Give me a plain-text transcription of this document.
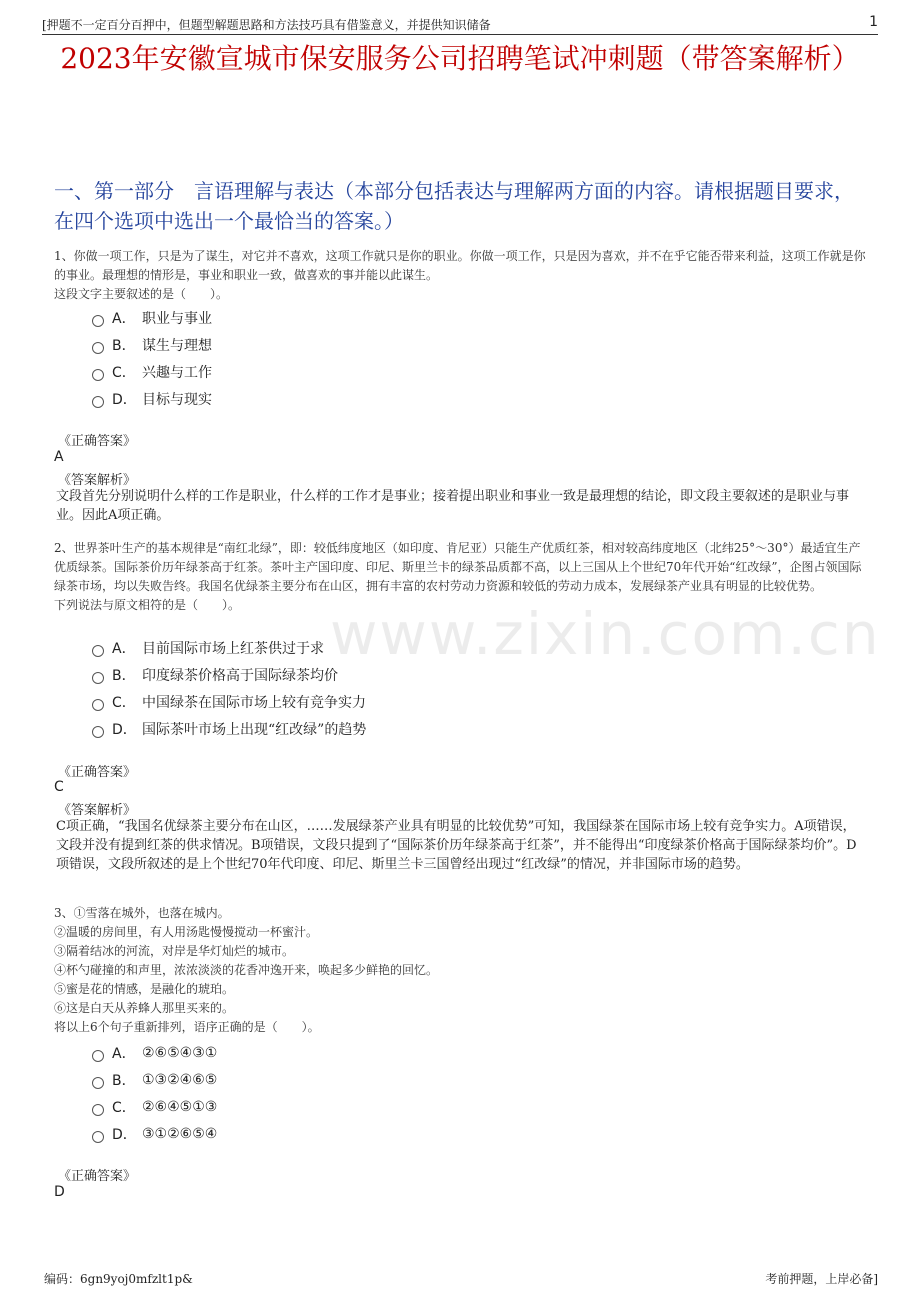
[押题不一定百分百押中，但题型解题思路和方法技巧具有借鉴意义，并提供知识储备	1
2023年安徽宣城市保安服务公司招聘笔试冲刺题（带答案解析）
一、第一部分　言语理解与表达（本部分包括表达与理解两方面的内容。请根据题目要求，在四个选项中选出一个最恰当的答案。）
www.zixin.com.cn

1、你做一项工作，只是为了谋生，对它并不喜欢，这项工作就只是你的职业。你做一项工作，只是因为喜欢，并不在乎它能否带来利益，这项工作就是你的事业。最理想的情形是，事业和职业一致，做喜欢的事并能以此谋生。

这段文字主要叙述的是（　　）。

A． 职业与事业
B． 谋生与理想
C． 兴趣与工作
D． 目标与现实
《正确答案》
A
《答案解析》
文段首先分别说明什么样的工作是职业，什么样的工作才是事业；接着提出职业和事业一致是最理想的结论，即文段主要叙述的是职业与事业。因此A项正确。

2、世界茶叶生产的基本规律是“南红北绿”，即：较低纬度地区（如印度、肯尼亚）只能生产优质红茶，相对较高纬度地区（北纬25°～30°）最适宜生产优质绿茶。国际茶价历年绿茶高于红茶。茶叶主产国印度、印尼、斯里兰卡的绿茶品质都不高，以上三国从上个世纪70年代开始“红改绿”，企图占领国际绿茶市场，均以失败告终。我国名优绿茶主要分布在山区，拥有丰富的农村劳动力资源和较低的劳动力成本，发展绿茶产业具有明显的比较优势。

下列说法与原文相符的是（　　）。

A． 目前国际市场上红茶供过于求
B． 印度绿茶价格高于国际绿茶均价
C． 中国绿茶在国际市场上较有竞争实力
D． 国际茶叶市场上出现“红改绿”的趋势
《正确答案》
C
《答案解析》
C项正确，“我国名优绿茶主要分布在山区，……发展绿茶产业具有明显的比较优势”可知，我国绿茶在国际市场上较有竞争实力。A项错误，文段并没有提到红茶的供求情况。B项错误，文段只提到了“国际茶价历年绿茶高于红茶”，并不能得出“印度绿茶价格高于国际绿茶均价”。D项错误，文段所叙述的是上个世纪70年代印度、印尼、斯里兰卡三国曾经出现过“红改绿”的情况，并非国际市场的趋势。

3、①雪落在城外，也落在城内。

②温暖的房间里，有人用汤匙慢慢搅动一杯蜜汁。

③隔着结冰的河流，对岸是华灯灿烂的城市。

④杯勺碰撞的和声里，浓浓淡淡的花香冲逸开来，唤起多少鲜艳的回忆。

⑤蜜是花的情感，是融化的琥珀。

⑥这是白天从养蜂人那里买来的。

将以上6个句子重新排列，语序正确的是（　　）。

A． ②⑥⑤④③①
B． ①③②④⑥⑤
C． ②⑥④⑤①③
D． ③①②⑥⑤④
《正确答案》
D
编码：6gn9yoj0mfzlt1p&	考前押题，上岸必备]
